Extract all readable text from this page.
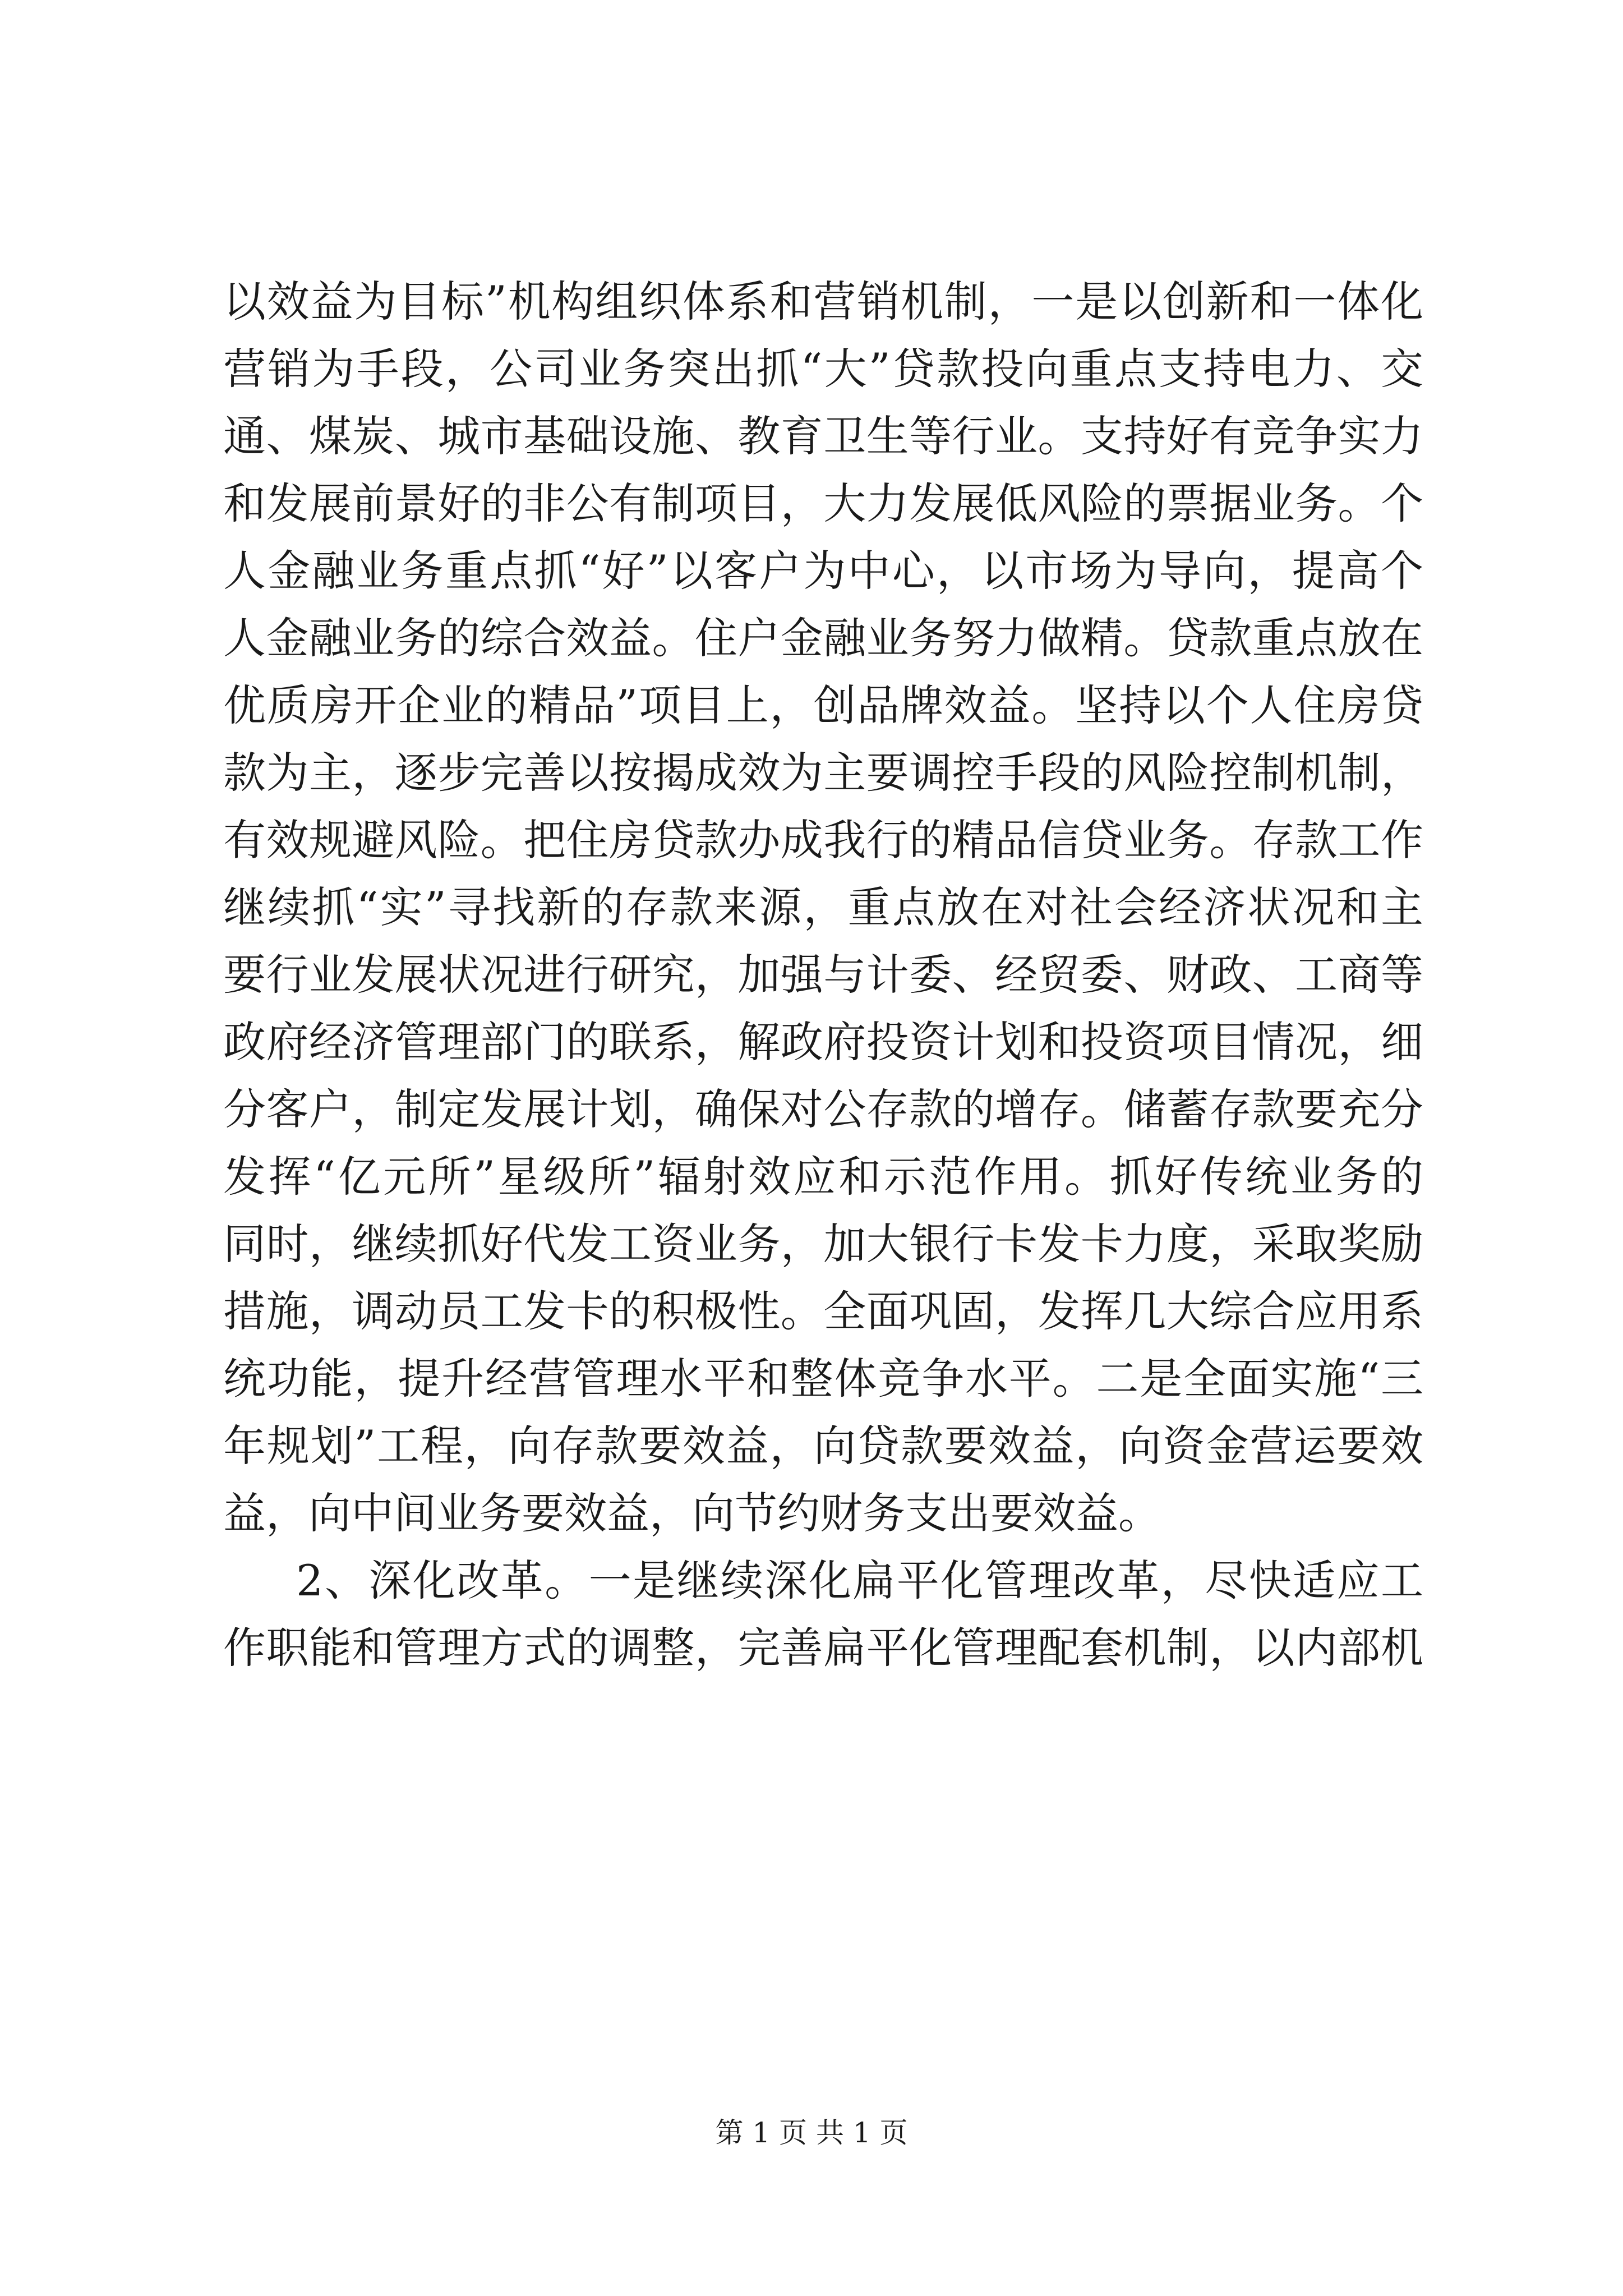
以效益为目标”机构组织体系和营销机制，一是以创新和一体化
营销为手段，公司业务突出抓“大”贷款投向重点支持电力、交
通、煤炭、城市基础设施、教育卫生等行业。支持好有竞争实力
和发展前景好的非公有制项目，大力发展低风险的票据业务。个
人金融业务重点抓“好”以客户为中心，以市场为导向，提高个
人金融业务的综合效益。住户金融业务努力做精。贷款重点放在
优质房开企业的精品”项目上，创品牌效益。坚持以个人住房贷
款为主，逐步完善以按揭成效为主要调控手段的风险控制机制，
有效规避风险。把住房贷款办成我行的精品信贷业务。存款工作
继续抓“实”寻找新的存款来源，重点放在对社会经济状况和主
要行业发展状况进行研究，加强与计委、经贸委、财政、工商等
政府经济管理部门的联系，解政府投资计划和投资项目情况，细
分客户，制定发展计划，确保对公存款的增存。储蓄存款要充分
发挥“亿元所”星级所”辐射效应和示范作用。抓好传统业务的
同时，继续抓好代发工资业务，加大银行卡发卡力度，采取奖励
措施，调动员工发卡的积极性。全面巩固，发挥几大综合应用系
统功能，提升经营管理水平和整体竞争水平。二是全面实施“三
年规划”工程，向存款要效益，向贷款要效益，向资金营运要效
益，向中间业务要效益，向节约财务支出要效益。
2、深化改革。一是继续深化扁平化管理改革，尽快适应工
作职能和管理方式的调整，完善扁平化管理配套机制，以内部机
第 1 页 共 1 页
